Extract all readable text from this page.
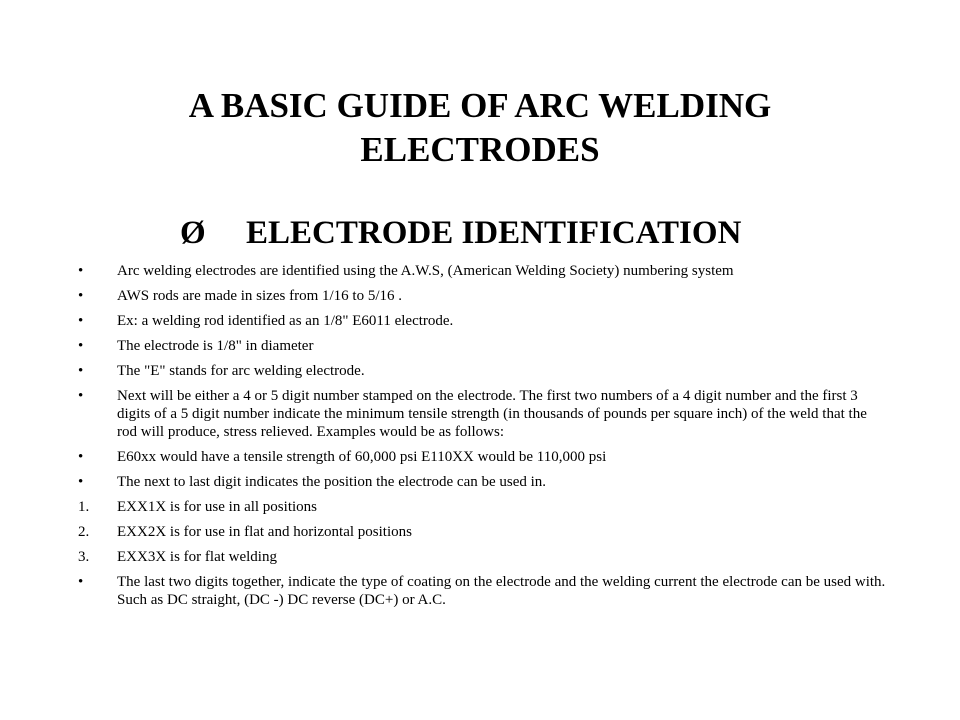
A BASIC GUIDE OF ARC WELDING ELECTRODES
Ø ELECTRODE IDENTIFICATION
• Arc welding electrodes are identified using the A.W.S, (American Welding Society) numbering system
• AWS rods are made in sizes from 1/16 to 5/16 .
• Ex: a welding rod identified as an 1/8" E6011 electrode.
• The electrode is 1/8" in diameter
• The "E" stands for arc welding electrode.
• Next will be either a 4 or 5 digit number stamped on the electrode. The first two numbers of a 4 digit number and the first 3 digits of a 5 digit number indicate the minimum tensile strength (in thousands of pounds per square inch) of the weld that the rod will produce, stress relieved. Examples would be as follows:
• E60xx would have a tensile strength of 60,000 psi E110XX would be 110,000 psi
• The next to last digit indicates the position the electrode can be used in.
1. EXX1X is for use in all positions
2. EXX2X is for use in flat and horizontal positions
3. EXX3X is for flat welding
• The last two digits together, indicate the type of coating on the electrode and the welding current the electrode can be used with. Such as DC straight, (DC -) DC reverse (DC+) or A.C.
